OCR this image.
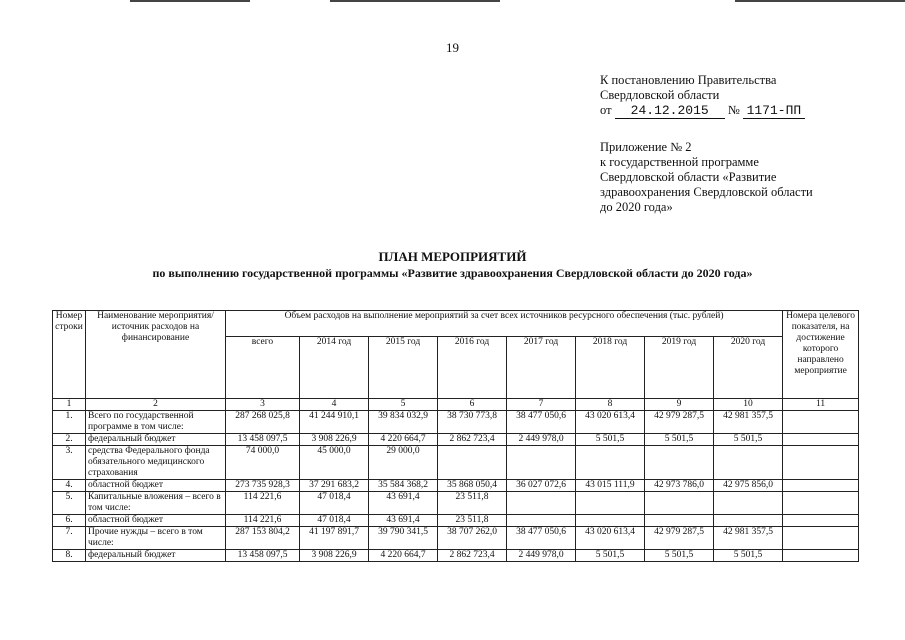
19
К постановлению Правительства
Свердловской области
от 24.12.2015 № 1171-ПП
Приложение № 2
к государственной программе
Свердловской области «Развитие
здравоохранения Свердловской области
до 2020 года»
ПЛАН МЕРОПРИЯТИЙ
по выполнению государственной программы «Развитие здравоохранения Свердловской области до 2020 года»
Номер строки	Наименование мероприятия/источник расходов на финансирование	Объем расходов на выполнение мероприятий за счет всех источников ресурсного обеспечения (тыс. рублей)								Номера целевого показателя, на достижение которого направлено мероприятие
		всего	2014 год	2015 год	2016 год	2017 год	2018 год	2019 год	2020 год	
1	2	3	4	5	6	7	8	9	10	11
1.	Всего по государственной программе в том числе:	287 268 025,8	41 244 910,1	39 834 032,9	38 730 773,8	38 477 050,6	43 020 613,4	42 979 287,5	42 981 357,5	
2.	федеральный бюджет	13 458 097,5	3 908 226,9	4 220 664,7	2 862 723,4	2 449 978,0	5 501,5	5 501,5	5 501,5	
3.	средства Федерального фонда обязательного медицинского страхования	74 000,0	45 000,0	29 000,0						
4.	областной бюджет	273 735 928,3	37 291 683,2	35 584 368,2	35 868 050,4	36 027 072,6	43 015 111,9	42 973 786,0	42 975 856,0	
5.	Капитальные вложения – всего в том числе:	114 221,6	47 018,4	43 691,4	23 511,8					
6.	областной бюджет	114 221,6	47 018,4	43 691,4	23 511,8					
7.	Прочие нужды – всего в том числе:	287 153 804,2	41 197 891,7	39 790 341,5	38 707 262,0	38 477 050,6	43 020 613,4	42 979 287,5	42 981 357,5	
8.	федеральный бюджет	13 458 097,5	3 908 226,9	4 220 664,7	2 862 723,4	2 449 978,0	5 501,5	5 501,5	5 501,5	
